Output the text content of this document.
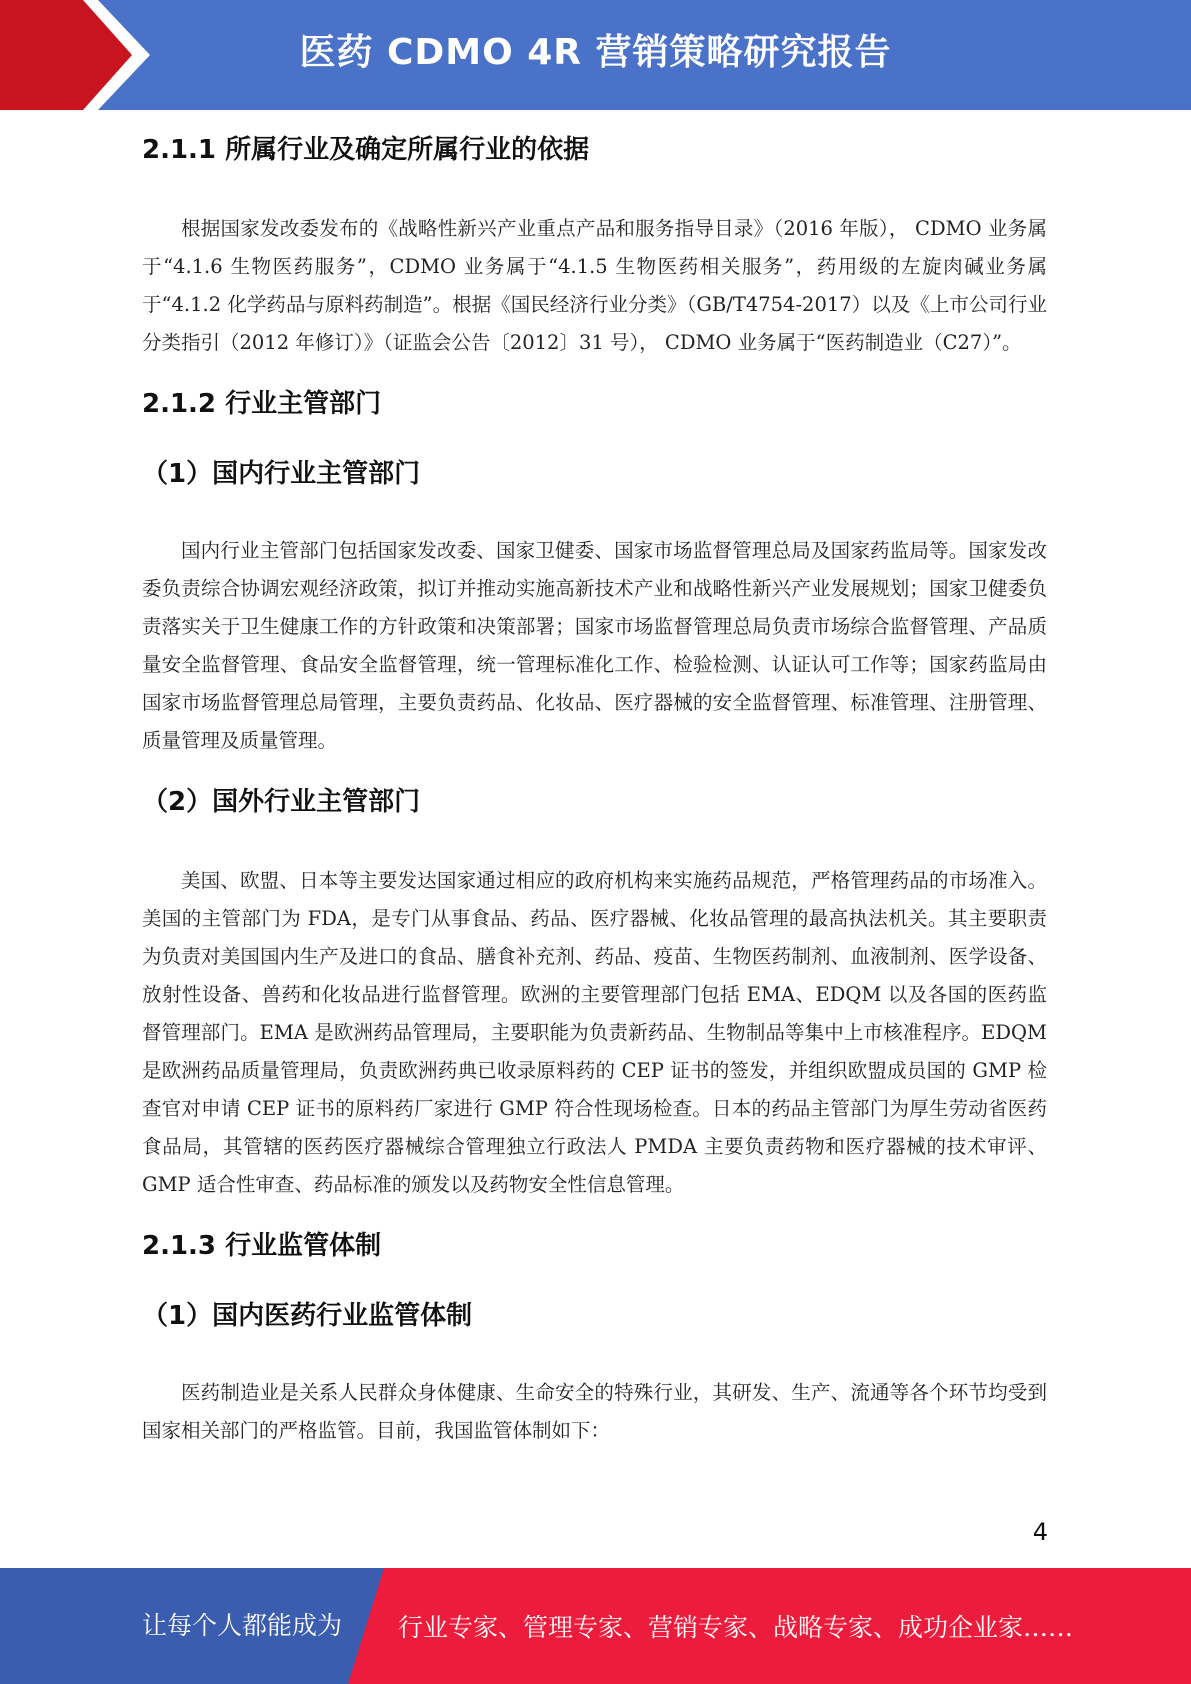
医药 CDMO 4R 营销策略研究报告
2.1.1 所属行业及确定所属行业的依据

根据国家发改委发布的《战略性新兴产业重点产品和服务指导目录》（2016 年版）， CDMO 业务属于“4.1.6 生物医药服务”，CDMO 业务属于“4.1.5 生物医药相关服务”，药用级的左旋肉碱业务属于“4.1.2 化学药品与原料药制造”。根据《国民经济行业分类》（GB/T4754-2017）以及《上市公司行业分类指引（2012 年修订）》（证监会公告〔2012〕31 号）， CDMO 业务属于“医药制造业（C27）”。

2.1.2 行业主管部门
（1）国内行业主管部门

国内行业主管部门包括国家发改委、国家卫健委、国家市场监督管理总局及国家药监局等。国家发改委负责综合协调宏观经济政策，拟订并推动实施高新技术产业和战略性新兴产业发展规划；国家卫健委负责落实关于卫生健康工作的方针政策和决策部署；国家市场监督管理总局负责市场综合监督管理、产品质量安全监督管理、食品安全监督管理，统一管理标准化工作、检验检测、认证认可工作等；国家药监局由国家市场监督管理总局管理，主要负责药品、化妆品、医疗器械的安全监督管理、标准管理、注册管理、质量管理及质量管理。

（2）国外行业主管部门

美国、欧盟、日本等主要发达国家通过相应的政府机构来实施药品规范，严格管理药品的市场准入。美国的主管部门为 FDA，是专门从事食品、药品、医疗器械、化妆品管理的最高执法机关。其主要职责为负责对美国国内生产及进口的食品、膳食补充剂、药品、疫苗、生物医药制剂、血液制剂、医学设备、放射性设备、兽药和化妆品进行监督管理。欧洲的主要管理部门包括 EMA、EDQM 以及各国的医药监督管理部门。EMA 是欧洲药品管理局，主要职能为负责新药品、生物制品等集中上市核准程序。EDQM 是欧洲药品质量管理局，负责欧洲药典已收录原料药的 CEP 证书的签发，并组织欧盟成员国的 GMP 检查官对申请 CEP 证书的原料药厂家进行 GMP 符合性现场检查。日本的药品主管部门为厚生劳动省医药食品局，其管辖的医药医疗器械综合管理独立行政法人 PMDA 主要负责药物和医疗器械的技术审评、GMP 适合性审查、药品标准的颁发以及药物安全性信息管理。

2.1.3 行业监管体制
（1）国内医药行业监管体制

医药制造业是关系人民群众身体健康、生命安全的特殊行业，其研发、生产、流通等各个环节均受到国家相关部门的严格监管。目前，我国监管体制如下：

4
让每个人都能成为 行业专家、管理专家、营销专家、战略专家、成功企业家……
